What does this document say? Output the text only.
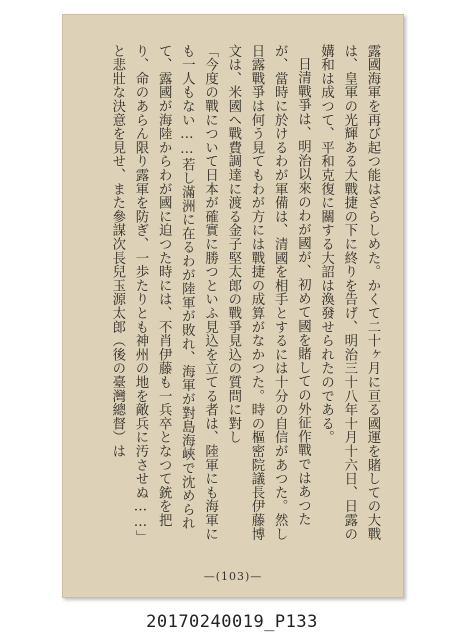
露國海軍を再び起つ能はざらしめた。かくて二十ヶ月に亘る國運を賭しての大戰は、皇軍の光輝ある大戰捷の下に終りを告げ、明治三十八年十月十六日、日露の媾和は成つて、平和克復に關する大詔は渙發せられたのである。

日清戰爭は、明治以來のわが國が、初めて國を賭しての外征作戰ではあつたが、當時に於けるわが軍備は、清國を相手とするには十分の自信があつた。然し日露戰爭は何う見てもわが方には戰捷の成算がなかつた。時の樞密院議長伊藤博文は、米國へ戰費調達に渡る金子堅太郎の戰爭見込の質問に對し

「今度の戰について日本が確實に勝つといふ見込を立てる者は、陸軍にも海軍にも一人もない……若し滿洲に在るわが陸軍が敗れ、海軍が對島海峽で沈められて、露國が海陸からわが國に迫つた時には、不肖伊藤も一兵卒となつて銃を把り、命のあらん限り露軍を防ぎ、一歩たりとも神州の地を敵兵に汚させぬ……」

と悲壯な決意を見せ、また參謀次長兒玉源太郎（後の臺灣總督）は

—(103)—
20170240019_P133
